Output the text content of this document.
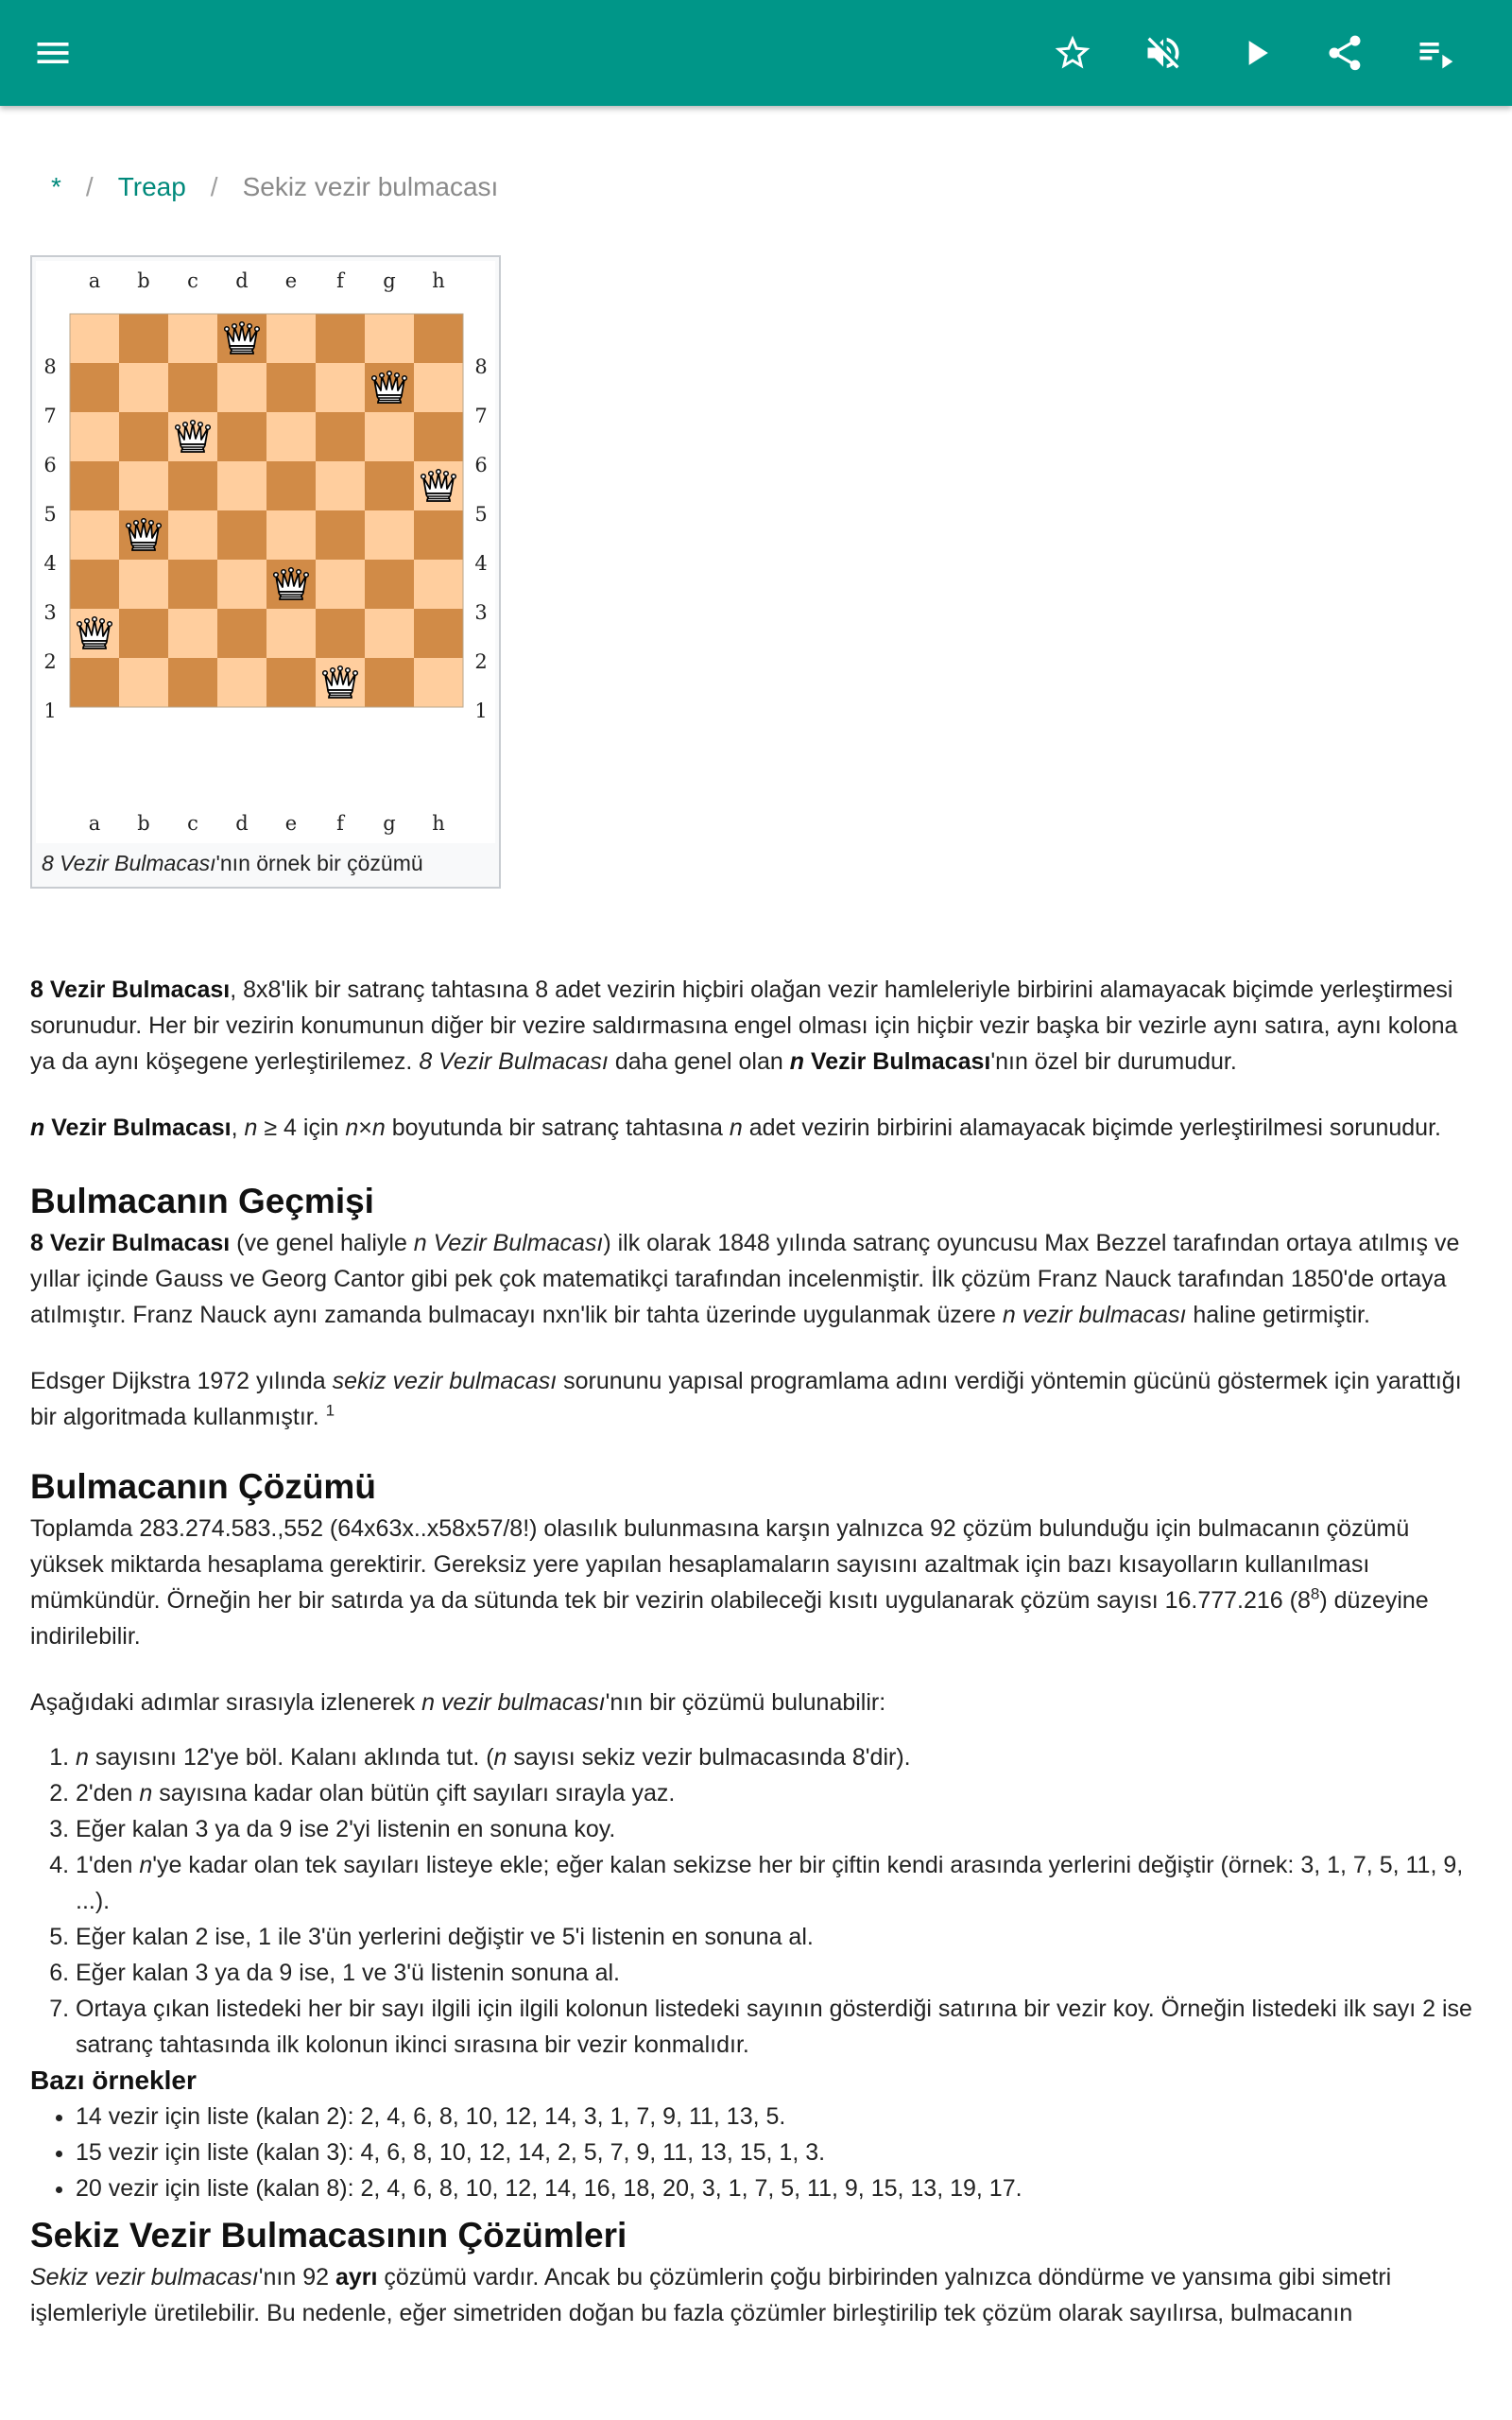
* / Treap / Sekiz vezir bulmacası
a
a
b
b
c
c
d
d
e
e
f
f
g
g
h
h
8	8
7	7
6	6
5	5
4	4
3	3
2	2
1	1
8 Vezir Bulmacası'nın örnek bir çözümü

8 Vezir Bulmacası, 8x8'lik bir satranç tahtasına 8 adet vezirin hiçbiri olağan vezir hamleleriyle birbirini alamayacak biçimde yerleştirmesi sorunudur. Her bir vezirin konumunun diğer bir vezire saldırmasına engel olması için hiçbir vezir başka bir vezirle aynı satıra, aynı kolona ya da aynı köşegene yerleştirilemez. 8 Vezir Bulmacası daha genel olan n Vezir Bulmacası'nın özel bir durumudur.

n Vezir Bulmacası, n ≥ 4 için n×n boyutunda bir satranç tahtasına n adet vezirin birbirini alamayacak biçimde yerleştirilmesi sorunudur.

Bulmacanın Geçmişi

8 Vezir Bulmacası (ve genel haliyle n Vezir Bulmacası) ilk olarak 1848 yılında satranç oyuncusu Max Bezzel tarafından ortaya atılmış ve yıllar içinde Gauss ve Georg Cantor gibi pek çok matematikçi tarafından incelenmiştir. İlk çözüm Franz Nauck tarafından 1850'de ortaya atılmıştır. Franz Nauck aynı zamanda bulmacayı nxn'lik bir tahta üzerinde uygulanmak üzere n vezir bulmacası haline getirmiştir.

Edsger Dijkstra 1972 yılında sekiz vezir bulmacası sorununu yapısal programlama adını verdiği yöntemin gücünü göstermek için yarattığı bir algoritmada kullanmıştır. $^1$

Bulmacanın Çözümü

Toplamda 283.274.583.,552 (64x63x..x58x57/8!) olasılık bulunmasına karşın yalnızca 92 çözüm bulunduğu için bulmacanın çözümü yüksek miktarda hesaplama gerektirir. Gereksiz yere yapılan hesaplamaların sayısını azaltmak için bazı kısayolların kullanılması mümkündür. Örneğin her bir satırda ya da sütunda tek bir vezirin olabileceği kısıtı uygulanarak çözüm sayısı 16.777.216 $(8^8)$ düzeyine indirilebilir.

Aşağıdaki adımlar sırasıyla izlenerek n vezir bulmacası'nın bir çözümü bulunabilir:

1. n sayısını 12'ye böl. Kalanı aklında tut. (n sayısı sekiz vezir bulmacasında 8'dir).
2. 2'den n sayısına kadar olan bütün çift sayıları sırayla yaz.
3. Eğer kalan 3 ya da 9 ise 2'yi listenin en sonuna koy.
4. 1'den n'ye kadar olan tek sayıları listeye ekle; eğer kalan sekizse her bir çiftin kendi arasında yerlerini değiştir (örnek: 3, 1, 7, 5, 11, 9, ...).
5. Eğer kalan 2 ise, 1 ile 3'ün yerlerini değiştir ve 5'i listenin en sonuna al.
6. Eğer kalan 3 ya da 9 ise, 1 ve 3'ü listenin sonuna al.
7. Ortaya çıkan listedeki her bir sayı ilgili için ilgili kolonun listedeki sayının gösterdiği satırına bir vezir koy. Örneğin listedeki ilk sayı 2 ise satranç tahtasında ilk kolonun ikinci sırasına bir vezir konmalıdır.
Bazı örnekler
• 14 vezir için liste (kalan 2): 2, 4, 6, 8, 10, 12, 14, 3, 1, 7, 9, 11, 13, 5.
• 15 vezir için liste (kalan 3): 4, 6, 8, 10, 12, 14, 2, 5, 7, 9, 11, 13, 15, 1, 3.
• 20 vezir için liste (kalan 8): 2, 4, 6, 8, 10, 12, 14, 16, 18, 20, 3, 1, 7, 5, 11, 9, 15, 13, 19, 17.
Sekiz Vezir Bulmacasının Çözümleri

Sekiz vezir bulmacası'nın 92 ayrı çözümü vardır. Ancak bu çözümlerin çoğu birbirinden yalnızca döndürme ve yansıma gibi simetri işlemleriyle üretilebilir. Bu nedenle, eğer simetriden doğan bu fazla çözümler birleştirilip tek çözüm olarak sayılırsa, bulmacanın
